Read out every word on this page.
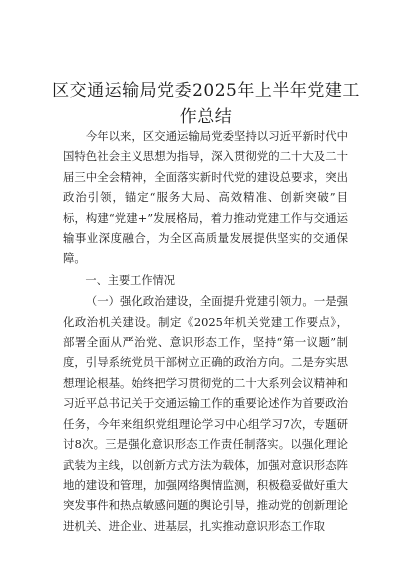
区交通运输局党委2025年上半年党建工作总结

今年以来，区交通运输局党委坚持以习近平新时代中国特色社会主义思想为指导，深入贯彻党的二十大及二十届三中全会精神，全面落实新时代党的建设总要求，突出政治引领，锚定“服务大局、高效精准、创新突破”目标，构建“党建+”发展格局，着力推动党建工作与交通运输事业深度融合，为全区高质量发展提供坚实的交通保障。

一、主要工作情况

（一）强化政治建设，全面提升党建引领力。一是强化政治机关建设。制定《2025年机关党建工作要点》，部署全面从严治党、意识形态工作，坚持“第一议题”制度，引导系统党员干部树立正确的政治方向。二是夯实思想理论根基。始终把学习贯彻党的二十大系列会议精神和习近平总书记关于交通运输工作的重要论述作为首要政治任务，今年来组织党组理论学习中心组学习7次，专题研讨8次。三是强化意识形态工作责任制落实。以强化理论武装为主线，以创新方式方法为载体，加强对意识形态阵地的建设和管理，加强网络舆情监测，积极稳妥做好重大突发事件和热点敏感问题的舆论引导，推动党的创新理论进机关、进企业、进基层，扎实推动意识形态工作取
